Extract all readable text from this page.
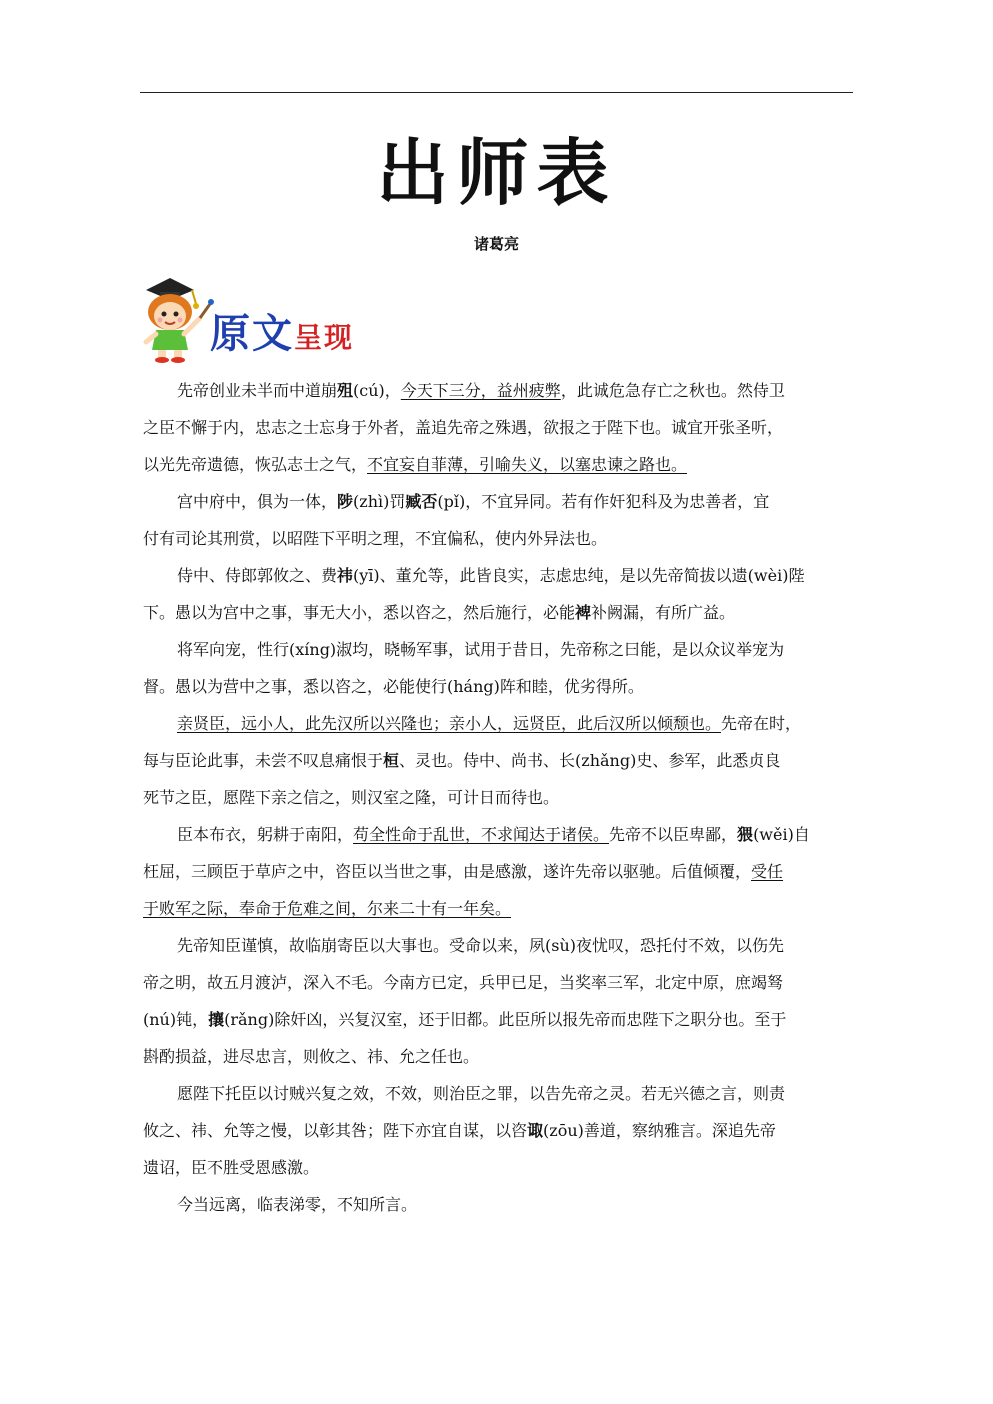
出师表
诸葛亮
原文呈现
先帝创业未半而中道崩殂(cú)，今天下三分，益州疲弊，此诚危急存亡之秋也。然侍卫
之臣不懈于内，忠志之士忘身于外者，盖追先帝之殊遇，欲报之于陛下也。诚宜开张圣听，
以光先帝遗德，恢弘志士之气，不宜妄自菲薄，引喻失义，以塞忠谏之路也。
宫中府中，俱为一体，陟(zhì)罚臧否(pǐ)，不宜异同。若有作奸犯科及为忠善者，宜
付有司论其刑赏，以昭陛下平明之理，不宜偏私，使内外异法也。
侍中、侍郎郭攸之、费祎(yī)、董允等，此皆良实，志虑忠纯，是以先帝简拔以遗(wèi)陛
下。愚以为宫中之事，事无大小，悉以咨之，然后施行，必能裨补阙漏，有所广益。
将军向宠，性行(xíng)淑均，晓畅军事，试用于昔日，先帝称之曰能，是以众议举宠为
督。愚以为营中之事，悉以咨之，必能使行(háng)阵和睦，优劣得所。
亲贤臣，远小人，此先汉所以兴隆也；亲小人，远贤臣，此后汉所以倾颓也。先帝在时，
每与臣论此事，未尝不叹息痛恨于桓、灵也。侍中、尚书、长(zhǎng)史、参军，此悉贞良
死节之臣，愿陛下亲之信之，则汉室之隆，可计日而待也。
臣本布衣，躬耕于南阳，苟全性命于乱世，不求闻达于诸侯。先帝不以臣卑鄙，猥(wěi)自
枉屈，三顾臣于草庐之中，咨臣以当世之事，由是感激，遂许先帝以驱驰。后值倾覆，受任
于败军之际，奉命于危难之间，尔来二十有一年矣。
先帝知臣谨慎，故临崩寄臣以大事也。受命以来，夙(sù)夜忧叹，恐托付不效，以伤先
帝之明，故五月渡泸，深入不毛。今南方已定，兵甲已足，当奖率三军，北定中原，庶竭驽
(nú)钝，攘(rǎng)除奸凶，兴复汉室，还于旧都。此臣所以报先帝而忠陛下之职分也。至于
斟酌损益，进尽忠言，则攸之、祎、允之任也。
愿陛下托臣以讨贼兴复之效，不效，则治臣之罪，以告先帝之灵。若无兴德之言，则责
攸之、祎、允等之慢，以彰其咎；陛下亦宜自谋，以咨诹(zōu)善道，察纳雅言。深追先帝
遗诏，臣不胜受恩感激。
今当远离，临表涕零，不知所言。
